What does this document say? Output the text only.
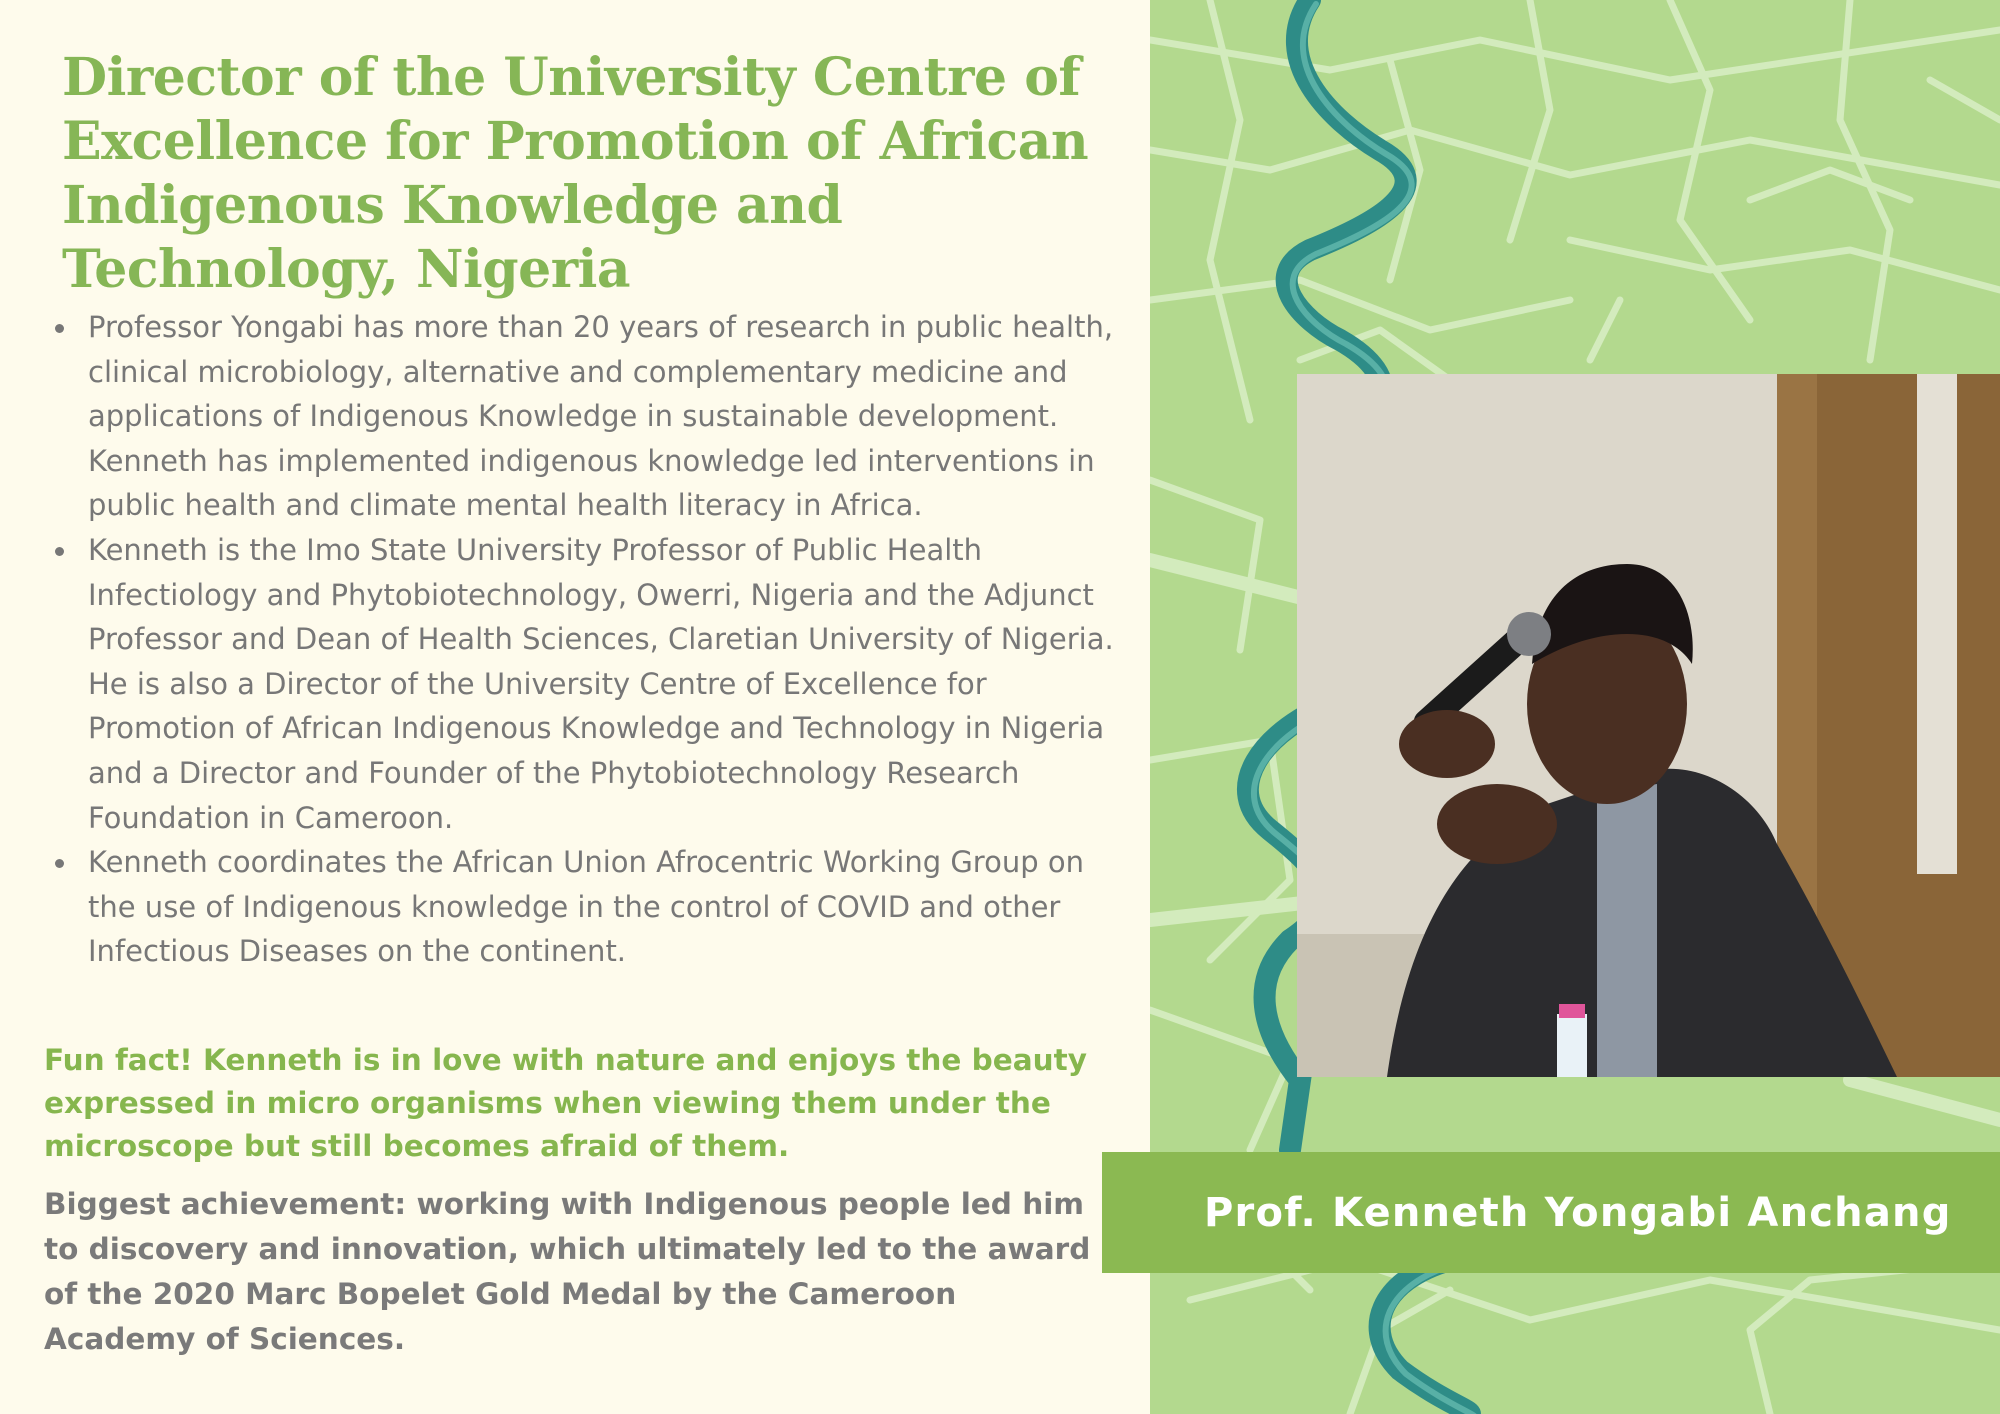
Director of the University Centre of Excellence for Promotion of African Indigenous Knowledge and Technology, Nigeria
Professor Yongabi has more than 20 years of research in public health, clinical microbiology, alternative and complementary medicine and applications of Indigenous Knowledge in sustainable development. Kenneth has implemented indigenous knowledge led interventions in public health and climate mental health literacy in Africa.
Kenneth is the Imo State University Professor of Public Health Infectiology and Phytobiotechnology, Owerri, Nigeria and the Adjunct Professor and Dean of Health Sciences, Claretian University of Nigeria. He is also a Director of the University Centre of Excellence for Promotion of African Indigenous Knowledge and Technology in Nigeria and a Director and Founder of the Phytobiotechnology Research Foundation in Cameroon.
Kenneth coordinates the African Union Afrocentric Working Group on the use of Indigenous knowledge in the control of COVID and other Infectious Diseases on the continent.

Fun fact! Kenneth is in love with nature and enjoys the beauty expressed in micro organisms when viewing them under the microscope but still becomes afraid of them.

Biggest achievement: working with Indigenous people led him to discovery and innovation, which ultimately led to the award of the 2020 Marc Bopelet Gold Medal by the Cameroon Academy of Sciences.

Prof. Kenneth Yongabi Anchang
